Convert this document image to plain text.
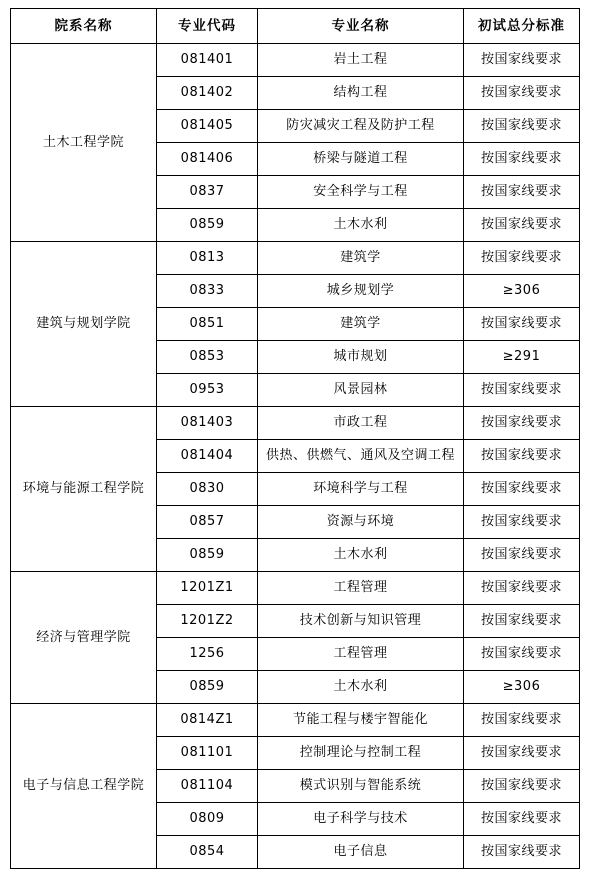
院系名称	专业代码	专业名称	初试总分标准
土木工程学院	081401	岩土工程	按国家线要求
	081402	结构工程	按国家线要求
	081405	防灾减灾工程及防护工程	按国家线要求
	081406	桥梁与隧道工程	按国家线要求
	0837	安全科学与工程	按国家线要求
	0859	土木水利	按国家线要求
建筑与规划学院	0813	建筑学	按国家线要求
	0833	城乡规划学	≥306
	0851	建筑学	按国家线要求
	0853	城市规划	≥291
	0953	风景园林	按国家线要求
环境与能源工程学院	081403	市政工程	按国家线要求
	081404	供热、供燃气、通风及空调工程	按国家线要求
	0830	环境科学与工程	按国家线要求
	0857	资源与环境	按国家线要求
	0859	土木水利	按国家线要求
经济与管理学院	1201Z1	工程管理	按国家线要求
	1201Z2	技术创新与知识管理	按国家线要求
	1256	工程管理	按国家线要求
	0859	土木水利	≥306
电子与信息工程学院	0814Z1	节能工程与楼宇智能化	按国家线要求
	081101	控制理论与控制工程	按国家线要求
	081104	模式识别与智能系统	按国家线要求
	0809	电子科学与技术	按国家线要求
	0854	电子信息	按国家线要求
